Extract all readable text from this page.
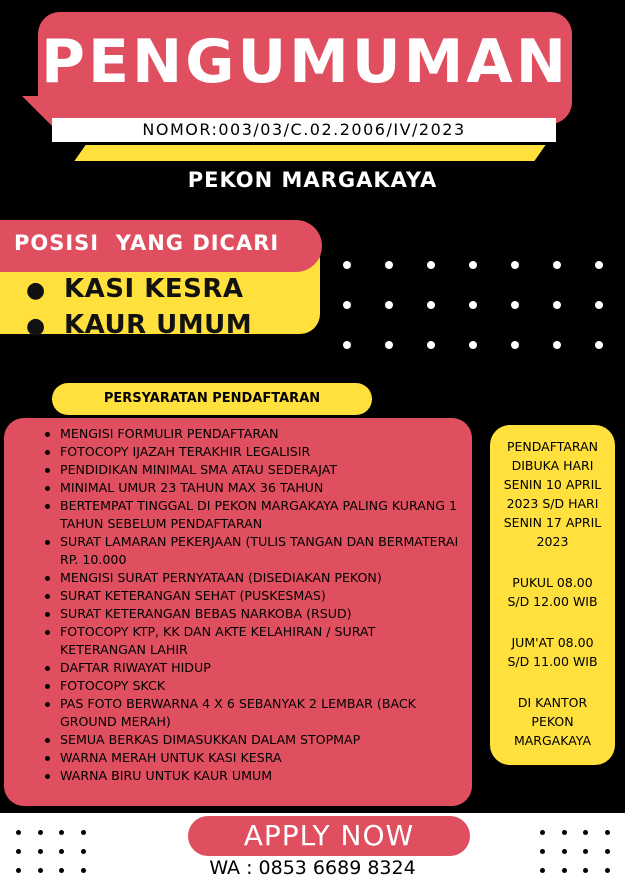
PENGUMUMAN
NOMOR:003/03/C.02.2006/IV/2023
PEKON MARGAKAYA
POSISI  YANG DICARI
● KASI KESRA
● KAUR UMUM
PERSYARATAN PENDAFTARAN
MENGISI FORMULIR PENDAFTARAN
FOTOCOPY IJAZAH TERAKHIR LEGALISIR
PENDIDIKAN MINIMAL SMA ATAU SEDERAJAT
MINIMAL UMUR 23 TAHUN MAX 36 TAHUN
BERTEMPAT TINGGAL DI PEKON MARGAKAYA PALING KURANG 1 TAHUN SEBELUM PENDAFTARAN
SURAT LAMARAN PEKERJAAN (TULIS TANGAN DAN BERMATERAI RP. 10.000
MENGISI SURAT PERNYATAAN (DISEDIAKAN PEKON)
SURAT KETERANGAN SEHAT (PUSKESMAS)
SURAT KETERANGAN BEBAS NARKOBA (RSUD)
FOTOCOPY KTP, KK DAN AKTE KELAHIRAN / SURAT KETERANGAN LAHIR
DAFTAR RIWAYAT HIDUP
FOTOCOPY SKCK
PAS FOTO BERWARNA 4 X 6 SEBANYAK 2 LEMBAR (BACK GROUND MERAH)
SEMUA BERKAS DIMASUKKAN DALAM STOPMAP
WARNA MERAH UNTUK KASI KESRA
WARNA BIRU UNTUK KAUR UMUM

PENDAFTARAN

DIBUKA HARI

SENIN 10 APRIL

2023 S/D HARI

SENIN 17 APRIL

2023

PUKUL 08.00

S/D 12.00 WIB

JUM'AT 08.00

S/D 11.00 WIB

DI KANTOR

PEKON

MARGAKAYA

APPLY NOW
WA : 0853 6689 8324
